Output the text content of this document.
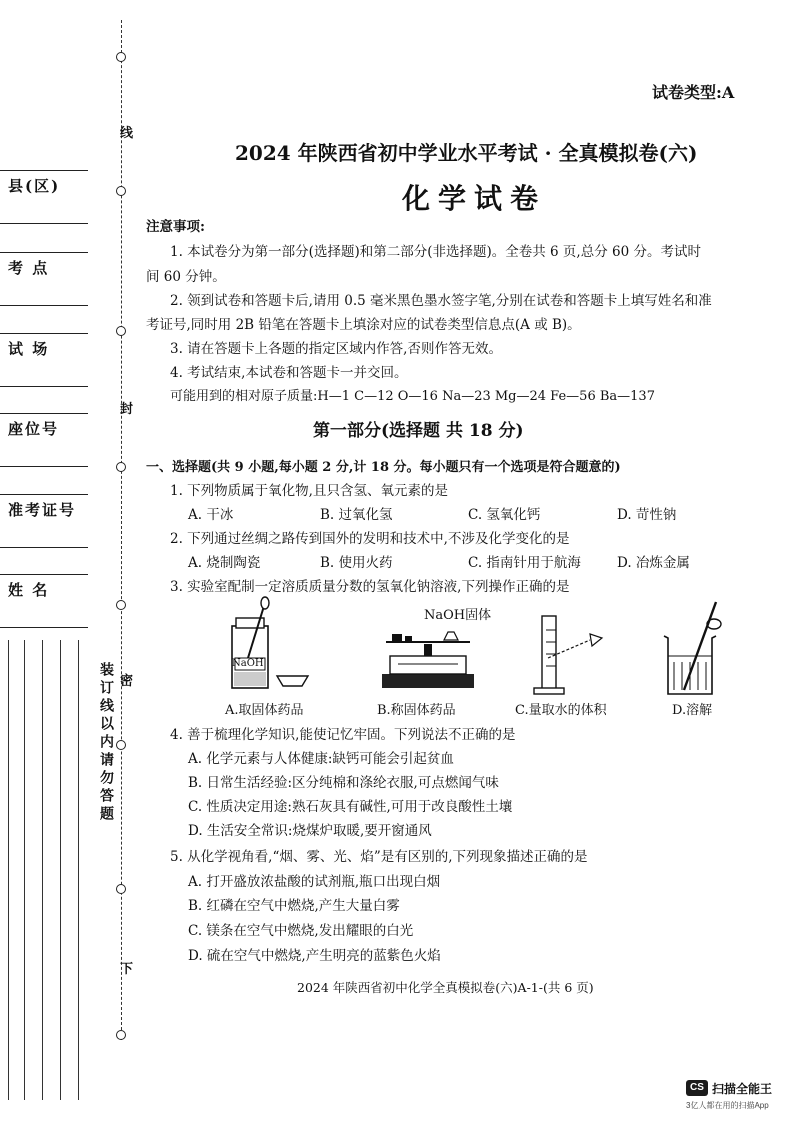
县(区)
考 点
试 场
座位号
准考证号
姓 名
线
封
密
下
装订线以内请勿答题
试卷类型:A
2024 年陕西省初中学业水平考试 · 全真模拟卷(六)
化学试卷
注意事项:
1. 本试卷分为第一部分(选择题)和第二部分(非选择题)。全卷共 6 页,总分 60 分。考试时
间 60 分钟。
2. 领到试卷和答题卡后,请用 0.5 毫米黑色墨水签字笔,分别在试卷和答题卡上填写姓名和准
考证号,同时用 2B 铅笔在答题卡上填涂对应的试卷类型信息点(A 或 B)。
3. 请在答题卡上各题的指定区域内作答,否则作答无效。
4. 考试结束,本试卷和答题卡一并交回。
可能用到的相对原子质量:H—1 C—12 O—16 Na—23 Mg—24 Fe—56 Ba—137
第一部分(选择题 共 18 分)
一、选择题(共 9 小题,每小题 2 分,计 18 分。每小题只有一个选项是符合题意的)
1. 下列物质属于氧化物,且只含氢、氧元素的是
A. 干冰	B. 过氧化氢	C. 氢氧化钙	D. 苛性钠
2. 下列通过丝绸之路传到国外的发明和技术中,不涉及化学变化的是
A. 烧制陶瓷	B. 使用火药	C. 指南针用于航海	D. 冶炼金属
3. 实验室配制一定溶质质量分数的氢氧化钠溶液,下列操作正确的是
NaOH
A.取固体药品
NaOH固体
B.称固体药品	C.量取水的体积	D.溶解
4. 善于梳理化学知识,能使记忆牢固。下列说法不正确的是
A. 化学元素与人体健康:缺钙可能会引起贫血
B. 日常生活经验:区分纯棉和涤纶衣服,可点燃闻气味
C. 性质决定用途:熟石灰具有碱性,可用于改良酸性土壤
D. 生活安全常识:烧煤炉取暖,要开窗通风
5. 从化学视角看,“烟、雾、光、焰”是有区别的,下列现象描述正确的是
A. 打开盛放浓盐酸的试剂瓶,瓶口出现白烟
B. 红磷在空气中燃烧,产生大量白雾
C. 镁条在空气中燃烧,发出耀眼的白光
D. 硫在空气中燃烧,产生明亮的蓝紫色火焰
2024 年陕西省初中化学全真模拟卷(六)A-1-(共 6 页)
CS 扫描全能王
3亿人都在用的扫描App
